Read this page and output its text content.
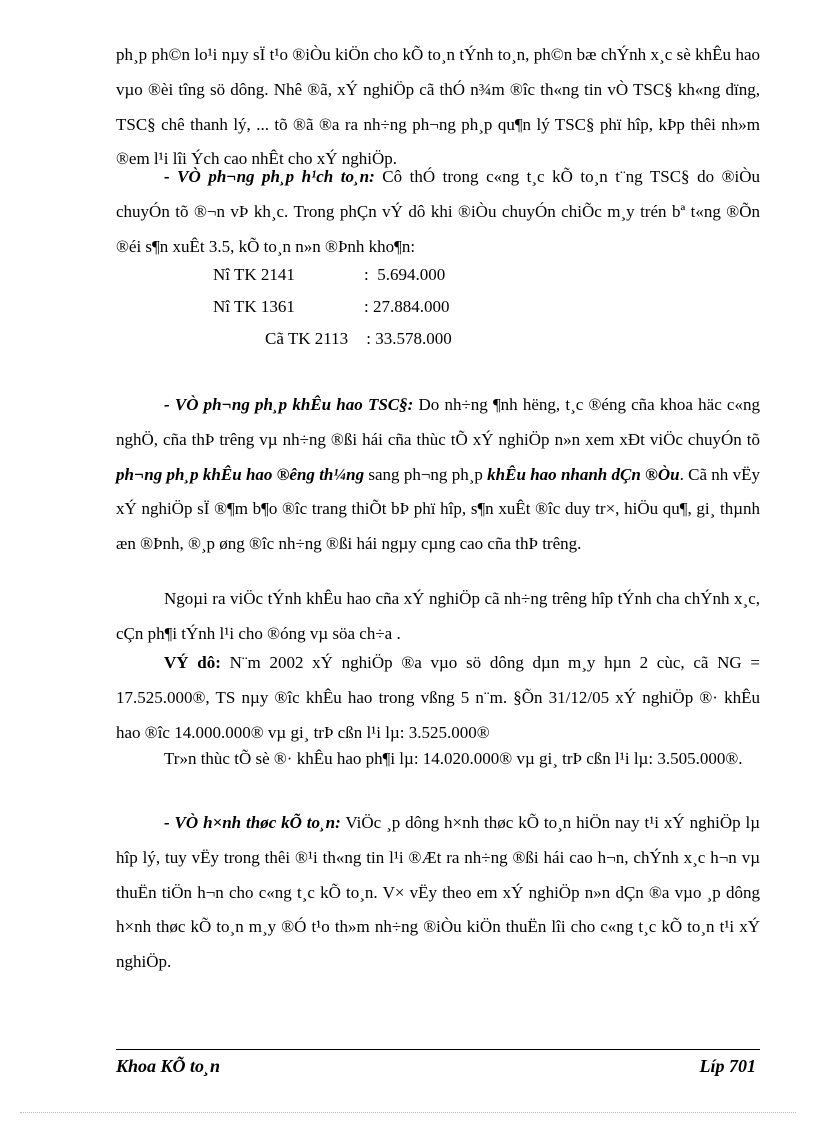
ph¸p ph©n lo¹i nµy sÏ t¹o ®iÒu kiÖn cho kÕ to¸n tÝnh to¸n, ph©n bæ chÝnh x¸c sè khÊu hao vµo ®èi tîng sö dông. Nhê ®ã, xÝ nghiÖp cã thÓ n¾m ®îc th«ng tin vÒ TSC§ kh«ng dïng, TSC§ chê thanh lý, ... tõ ®ã ®a ra nh÷ng ph¬ng ph¸p qu¶n lý TSC§ phï hîp, kÞp thêi nh»m ®em l¹i lîi Ých cao nhÊt cho xÝ nghiÖp.

- VÒ ph¬ng ph¸p h¹ch to¸n: Cô thÓ trong c«ng t¸c kÕ to¸n t¨ng TSC§ do ®iÒu chuyÓn tõ ®¬n vÞ kh¸c. Trong phÇn vÝ dô khi ®iÒu chuyÓn chiÕc m¸y trén bª t«ng ®Õn ®éi s¶n xuÊt 3.5, kÕ to¸n n»n ®Þnh kho¶n:

Nî TK 2141	:  5.694.000
Nî TK 1361	: 27.884.000
Cã TK 2113 : 33.578.000

- VÒ ph¬ng ph¸p khÊu hao TSC§: Do nh÷ng ¶nh hëng, t¸c ®éng cña khoa häc c«ng nghÖ, cña thÞ trêng vµ nh÷ng ®ßi hái cña thùc tÕ xÝ nghiÖp n»n xem xÐt viÖc chuyÓn tõ ph¬ng ph¸p khÊu hao ®êng th¼ng sang ph¬ng ph¸p khÊu hao nhanh dÇn ®Òu. Cã nh vËy xÝ nghiÖp sÏ ®¶m b¶o ®îc trang thiÕt bÞ phï hîp, s¶n xuÊt ®îc duy tr×, hiÖu qu¶, gi¸ thµnh æn ®Þnh, ®¸p øng ®îc nh÷ng ®ßi hái ngµy cµng cao cña thÞ trêng.

Ngoµi ra viÖc tÝnh khÊu hao cña xÝ nghiÖp cã nh÷ng trêng hîp tÝnh cha chÝnh x¸c, cÇn ph¶i tÝnh l¹i cho ®óng vµ söa ch÷a .

VÝ dô: N¨m 2002 xÝ nghiÖp ®a vµo sö dông dµn m¸y hµn 2 cùc, cã NG = 17.525.000®, TS nµy ®îc khÊu hao trong vßng 5 n¨m. §Õn 31/12/05 xÝ nghiÖp ®· khÊu hao ®îc 14.000.000® vµ gi¸ trÞ cßn l¹i lµ: 3.525.000®

Tr»n thùc tÕ sè ®· khÊu hao ph¶i lµ: 14.020.000® vµ gi¸ trÞ cßn l¹i lµ: 3.505.000®.

- VÒ h×nh thøc kÕ to¸n: ViÖc ¸p dông h×nh thøc kÕ to¸n hiÖn nay t¹i xÝ nghiÖp lµ hîp lý, tuy vËy trong thêi ®¹i th«ng tin l¹i ®Æt ra nh÷ng ®ßi hái cao h¬n, chÝnh x¸c h¬n vµ thuËn tiÖn h¬n cho c«ng t¸c kÕ to¸n. V× vËy theo em xÝ nghiÖp n»n dÇn ®a vµo ¸p dông h×nh thøc kÕ to¸n m¸y ®Ó t¹o th»m nh÷ng ®iÒu kiÖn thuËn lîi cho c«ng t¸c kÕ to¸n t¹i xÝ nghiÖp.

Khoa KÕ to¸n	Líp 701
